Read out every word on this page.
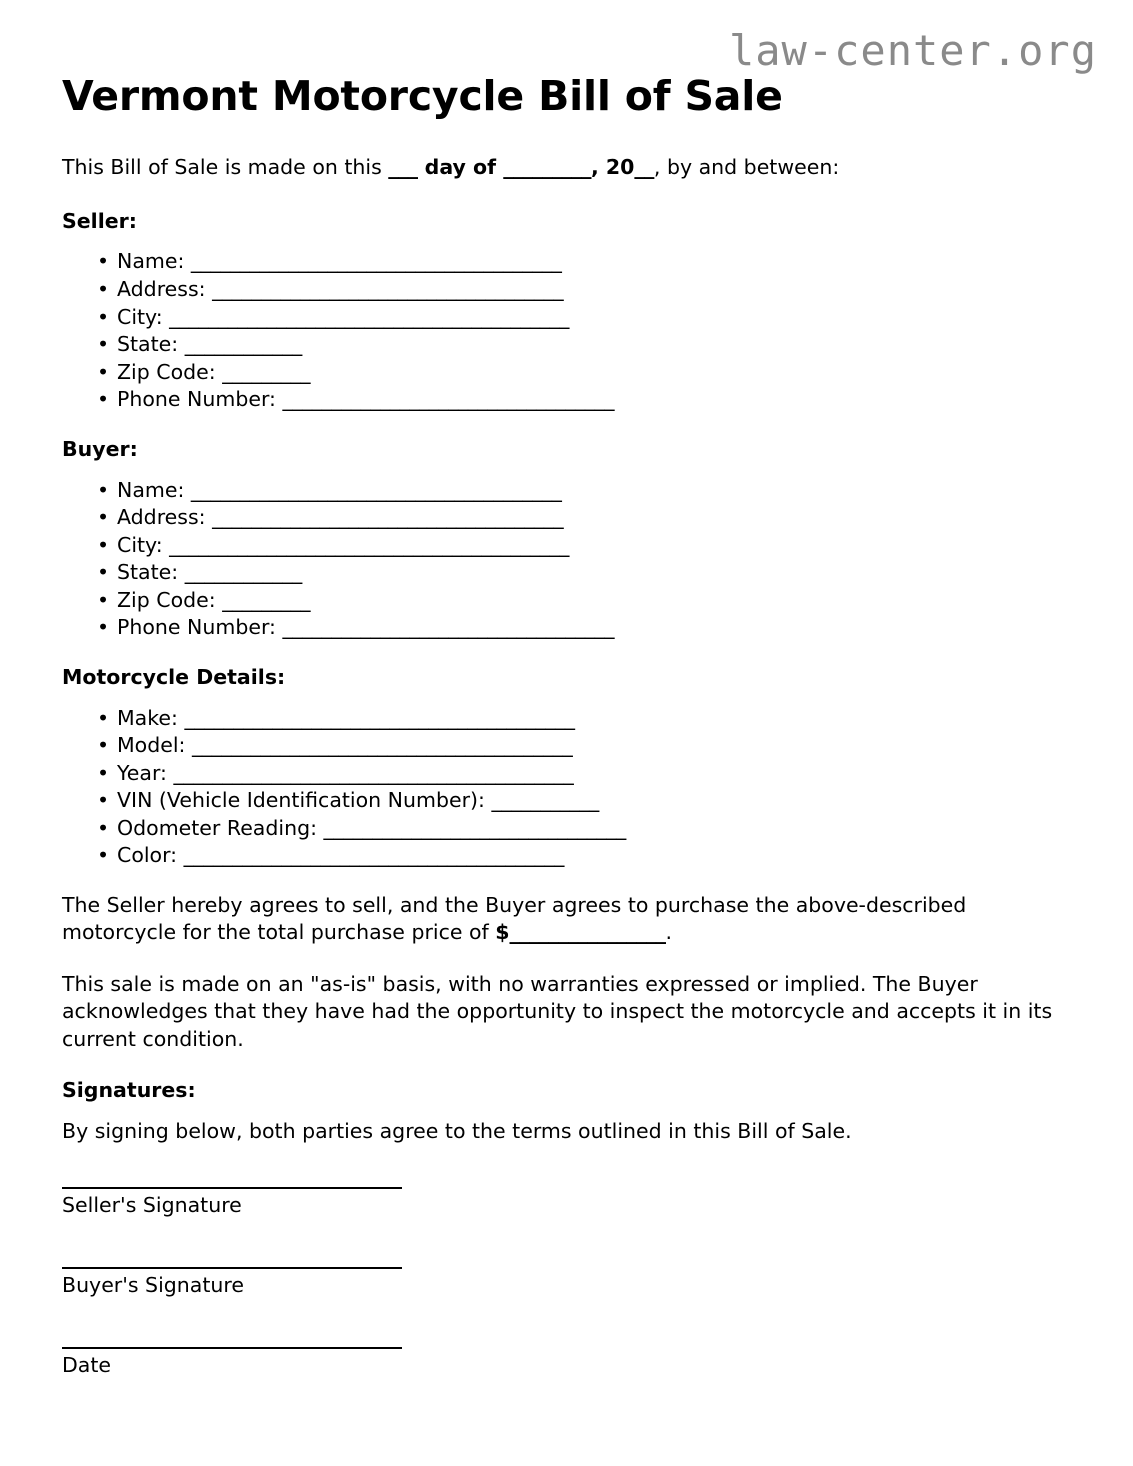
law-center.org
Vermont Motorcycle Bill of Sale

This Bill of Sale is made on this ___ day of _________, 20__, by and between:

Seller:
• Name: ______________________________________
• Address: ____________________________________
• City: _________________________________________
• State: ____________
• Zip Code: _________
• Phone Number: __________________________________
Buyer:
• Name: ______________________________________
• Address: ____________________________________
• City: _________________________________________
• State: ____________
• Zip Code: _________
• Phone Number: __________________________________
Motorcycle Details:
• Make: ________________________________________
• Model: _______________________________________
• Year: _________________________________________
• VIN (Vehicle Identification Number): ___________
• Odometer Reading: _______________________________
• Color: _______________________________________

The Seller hereby agrees to sell, and the Buyer agrees to purchase the above-described motorcycle for the total purchase price of $________________.

This sale is made on an "as-is" basis, with no warranties expressed or implied. The Buyer acknowledges that they have had the opportunity to inspect the motorcycle and accepts it in its current condition.

Signatures:

By signing below, both parties agree to the terms outlined in this Bill of Sale.

Seller's Signature
Buyer's Signature
Date
